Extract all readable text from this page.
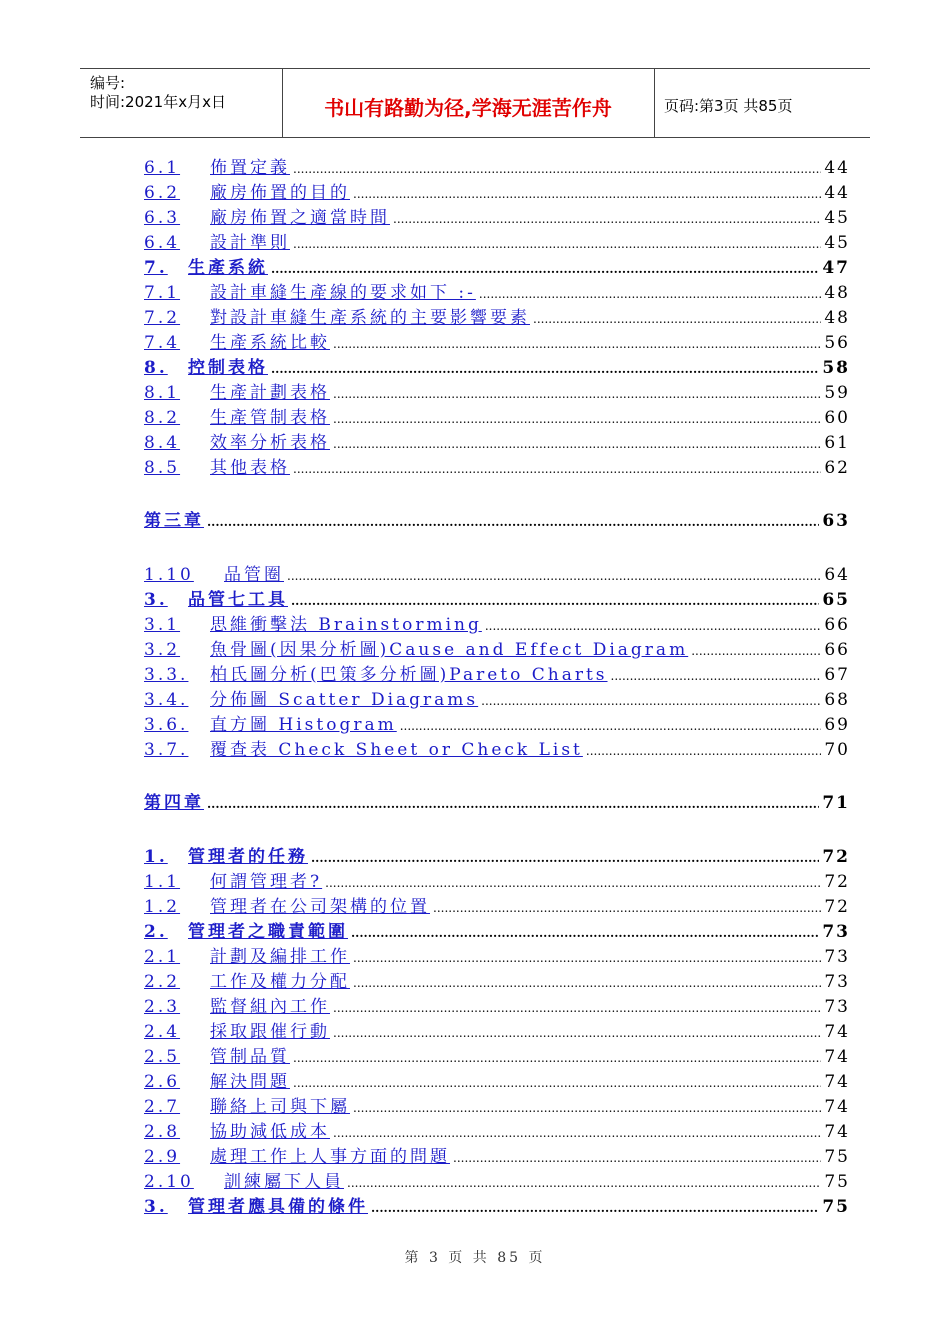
编号:
时间:2021年x月x日	书山有路勤为径,学海无涯苦作舟	页码:第3页 共85页
6.1	佈置定義 .....	44
6.2	廠房佈置的目的 .....	44
6.3	廠房佈置之適當時間 .....	45
6.4	設計準則 .....	45
7.	生產系統 .....	47
7.1	設計車縫生產線的要求如下 :- .....	48
7.2	對設計車縫生產系統的主要影響要素 .....	48
7.4	生產系統比較 .....	56
8.	控制表格 .....	58
8.1	生產計劃表格 .....	59
8.2	生產管制表格 .....	60
8.4	效率分析表格 .....	61
8.5	其他表格 .....	62
第三章 .....	63
1.10	品管圈 .....	64
3.	品管七工具 .....	65
3.1	思維衝擊法 Brainstorming .....	66
3.2	魚骨圖(因果分析圖)Cause and Effect Diagram .....	66
3.3.	柏氏圖分析(巴策多分析圖)Pareto Charts .....	67
3.4.	分佈圖 Scatter Diagrams .....	68
3.6.	直方圖 Histogram .....	69
3.7.	覆查表 Check Sheet or Check List .....	70
第四章 .....	71
1.	管理者的任務 .....	72
1.1	何謂管理者? .....	72
1.2	管理者在公司架構的位置 .....	72
2.	管理者之職責範圍 .....	73
2.1	計劃及編排工作 .....	73
2.2	工作及權力分配 .....	73
2.3	監督組內工作 .....	73
2.4	採取跟催行動 .....	74
2.5	管制品質 .....	74
2.6	解決問題 .....	74
2.7	聯絡上司與下屬 .....	74
2.8	協助減低成本 .....	74
2.9	處理工作上人事方面的問題 .....	75
2.10	訓練屬下人員 .....	75
3.	管理者應具備的條件 .....	75
第 3 页 共 85 页
